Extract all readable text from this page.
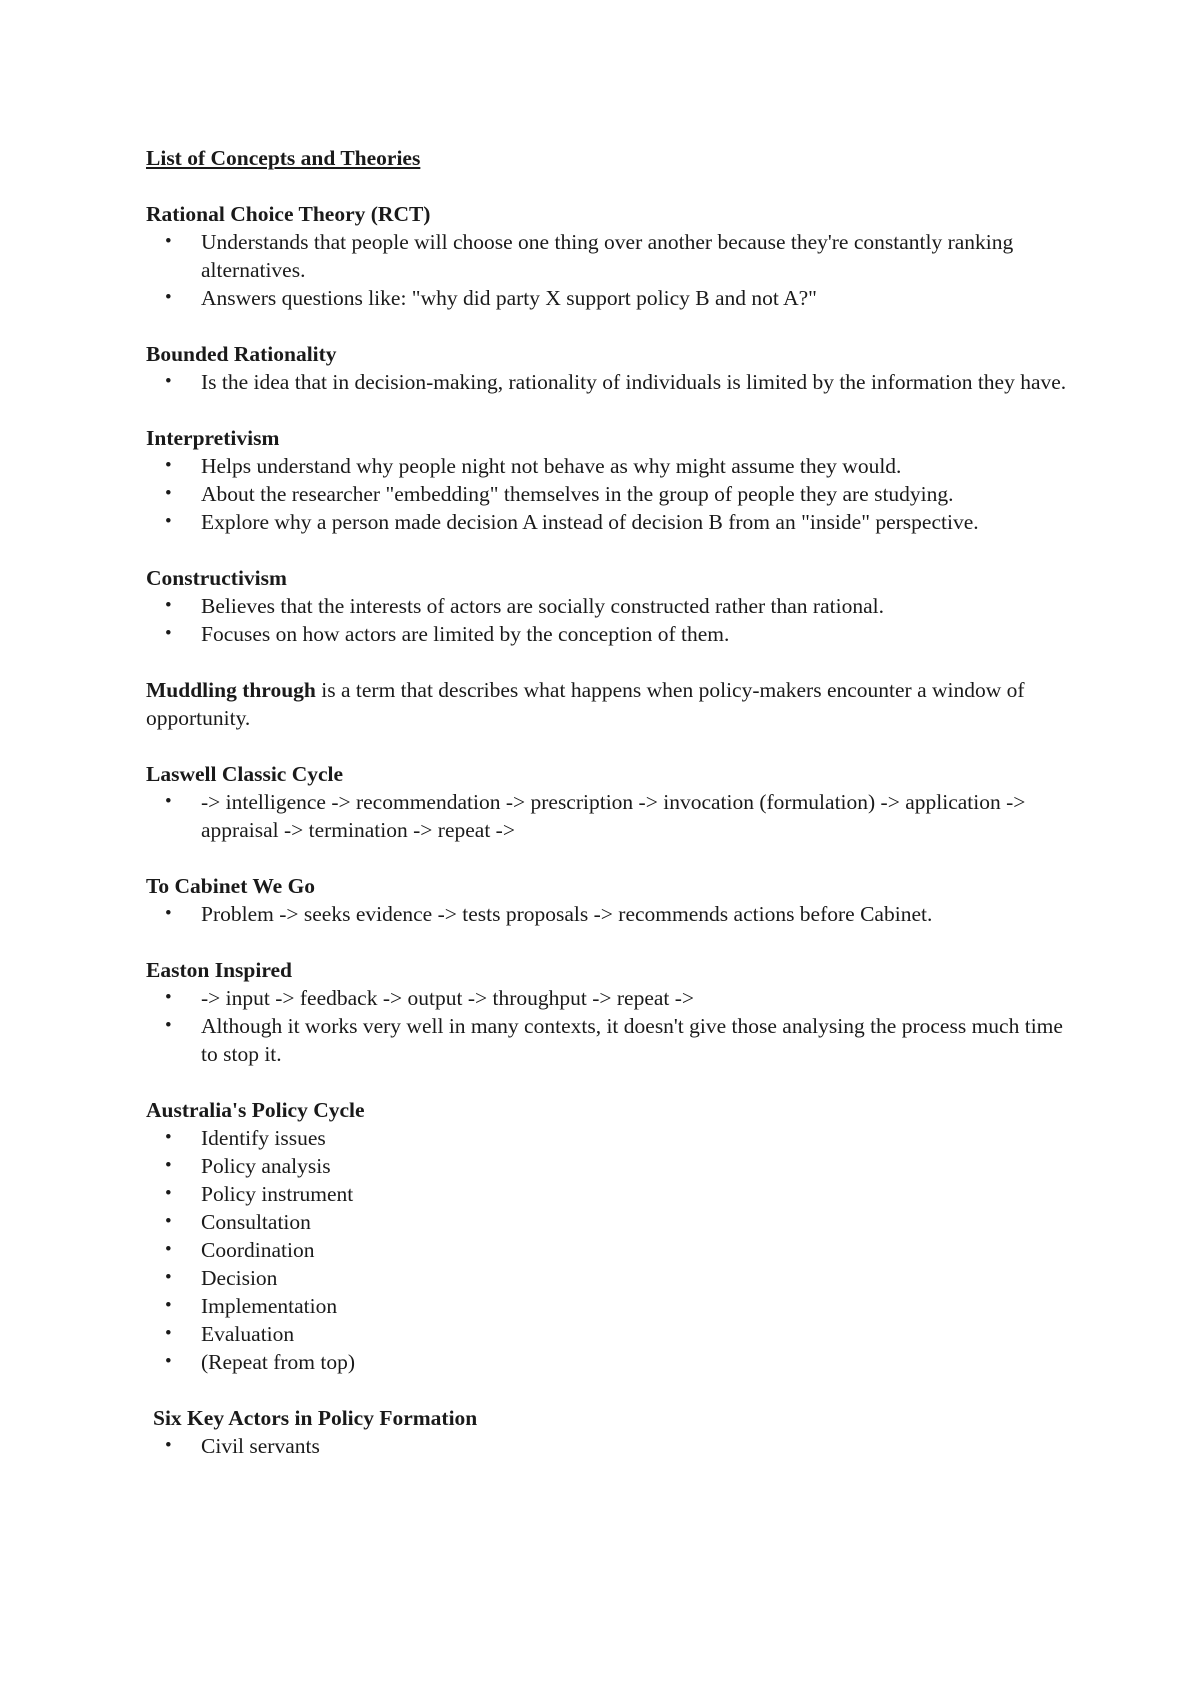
List of Concepts and Theories

Rational Choice Theory (RCT)

• Understands that people will choose one thing over another because they're constantly ranking alternatives.
• Answers questions like: "why did party X support policy B and not A?"

Bounded Rationality

• Is the idea that in decision-making, rationality of individuals is limited by the information they have.

Interpretivism

• Helps understand why people night not behave as why might assume they would.
• About the researcher "embedding" themselves in the group of people they are studying.
• Explore why a person made decision A instead of decision B from an "inside" perspective.

Constructivism

• Believes that the interests of actors are socially constructed rather than rational.
• Focuses on how actors are limited by the conception of them.

Muddling through is a term that describes what happens when policy-makers encounter a window of opportunity.

Laswell Classic Cycle

• -> intelligence -> recommendation -> prescription -> invocation (formulation) -> application -> appraisal -> termination -> repeat ->

To Cabinet We Go

• Problem -> seeks evidence -> tests proposals -> recommends actions before Cabinet.

Easton Inspired

• -> input -> feedback -> output -> throughput -> repeat ->
• Although it works very well in many contexts, it doesn't give those analysing the process much time to stop it.

Australia's Policy Cycle

• Identify issues
• Policy analysis
• Policy instrument
• Consultation
• Coordination
• Decision
• Implementation
• Evaluation
• (Repeat from top)

Six Key Actors in Policy Formation

• Civil servants
